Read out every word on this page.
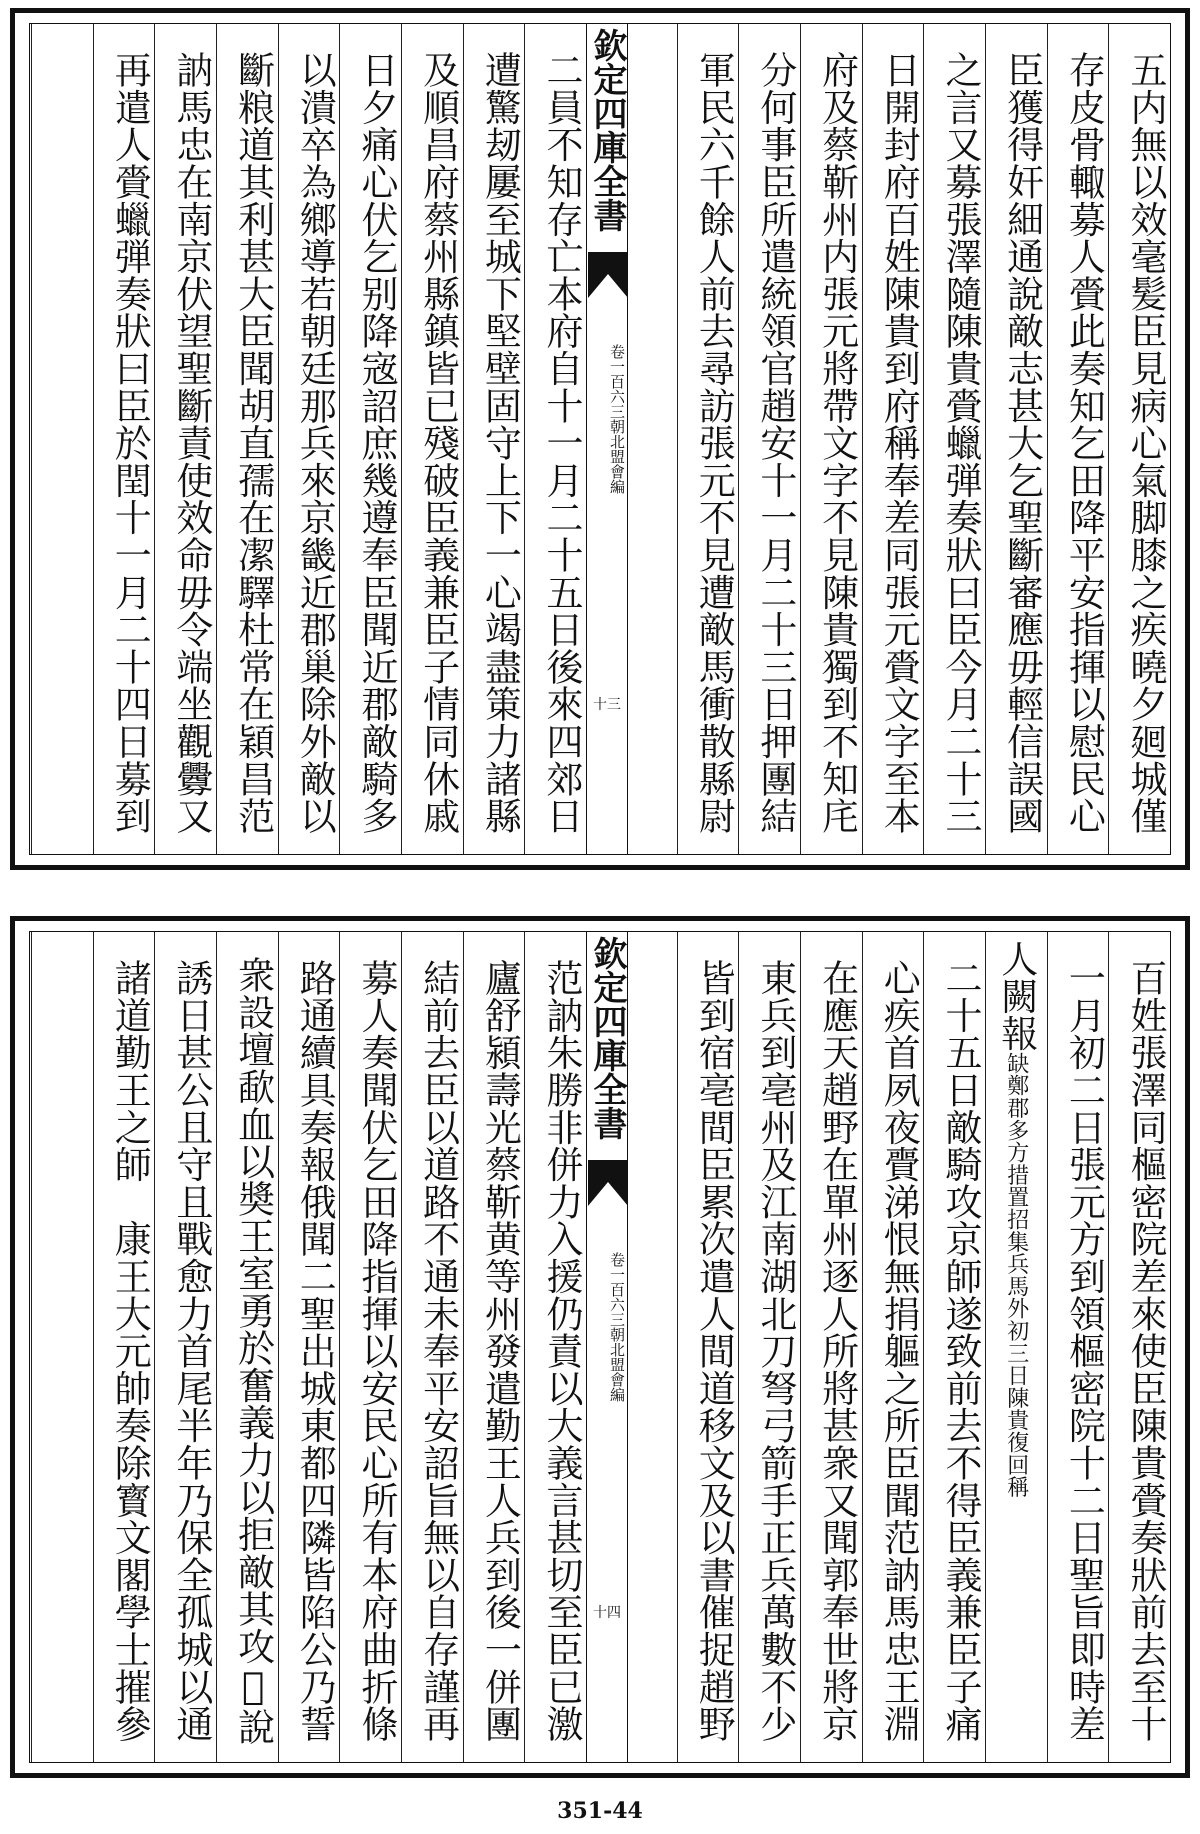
五内無以效毫髪臣見病心氣脚膝之疾曉夕𢌞城僅
存皮骨輙募人賫此奏知乞田降平安指揮以慰民心
臣獲得奸細通說敵志甚大乞聖斷審應毋輕信誤國
之言又募張澤隨陳貴賫蠟弾奏狀曰臣今月二十三
日開封府百姓陳貴到府稱奉差同張元賫文字至本
府及蔡靳州内張元將帶文字不見陳貴獨到不知㡯
分何事臣所遣統領官趙安十一月二十三日押團結
軍民六千餘人前去尋訪張元不見遭敵馬衝散縣尉
欽定四庫全書
三朝北盟會編
卷一百六
十三
二員不知存亡本府自十一月二十五日後來四郊日
遭驚刼屢至城下堅壁固守上下一心竭盡䇿力諸縣
及順昌府蔡州縣鎮皆已殘破臣義兼臣子情同休戚
日夕痛心伏乞别降宼詔庶幾遵奉臣聞近郡敵騎多
以潰卒為鄉導若朝廷那兵來京畿近郡巢除外敵以
斷粮道其利甚大臣聞胡直孺在㓗驛杜常在穎昌范
訥馬忠在南京伏望聖斷責使效命毋令端坐觀釁又
再遣人賫蠟弾奏狀曰臣於閏十一月二十四日募到
百姓張澤同樞密院差來使臣陳貴賫奏狀前去至十
一月初二日張元方到領樞密院十二日聖旨即時差
人闕報
缺鄭郡多方措置招集兵馬外初三日陳貴復回稱
二十五日敵騎攻京師遂致前去不得臣義兼臣子痛
心疾首夙夜賷涕恨無捐軀之所臣聞范訥馬忠王淵
在應天趙野在單州逐人所將甚衆又聞郭奉世將京
東兵到亳州及江南湖北刀弩弓箭手正兵萬數不少
皆到宿亳間臣累次遣人間道移文及以書催捉趙野
欽定四庫全書
三朝北盟會編
卷一百六
十四
范訥朱勝非併力入援仍責以大義言甚切至臣已激
廬舒潁壽光蔡靳黄等州發遣勤王人兵到後一併團
結前去臣以道路不通未奉平安詔旨無以自存謹再
募人奏聞伏乞田降指揮以安民心所有本府曲折條
路通續具奏報俄聞二聖出城東都四隣皆陷公乃誓
衆設壇歃血以奬王室勇於奮義力以拒敵其攻𪧐說
誘日甚公且守且戰愈力首尾半年乃保全孤城以通
諸道勤王之師　康王大元帥奏除寳文閣學士摧參
351-44
